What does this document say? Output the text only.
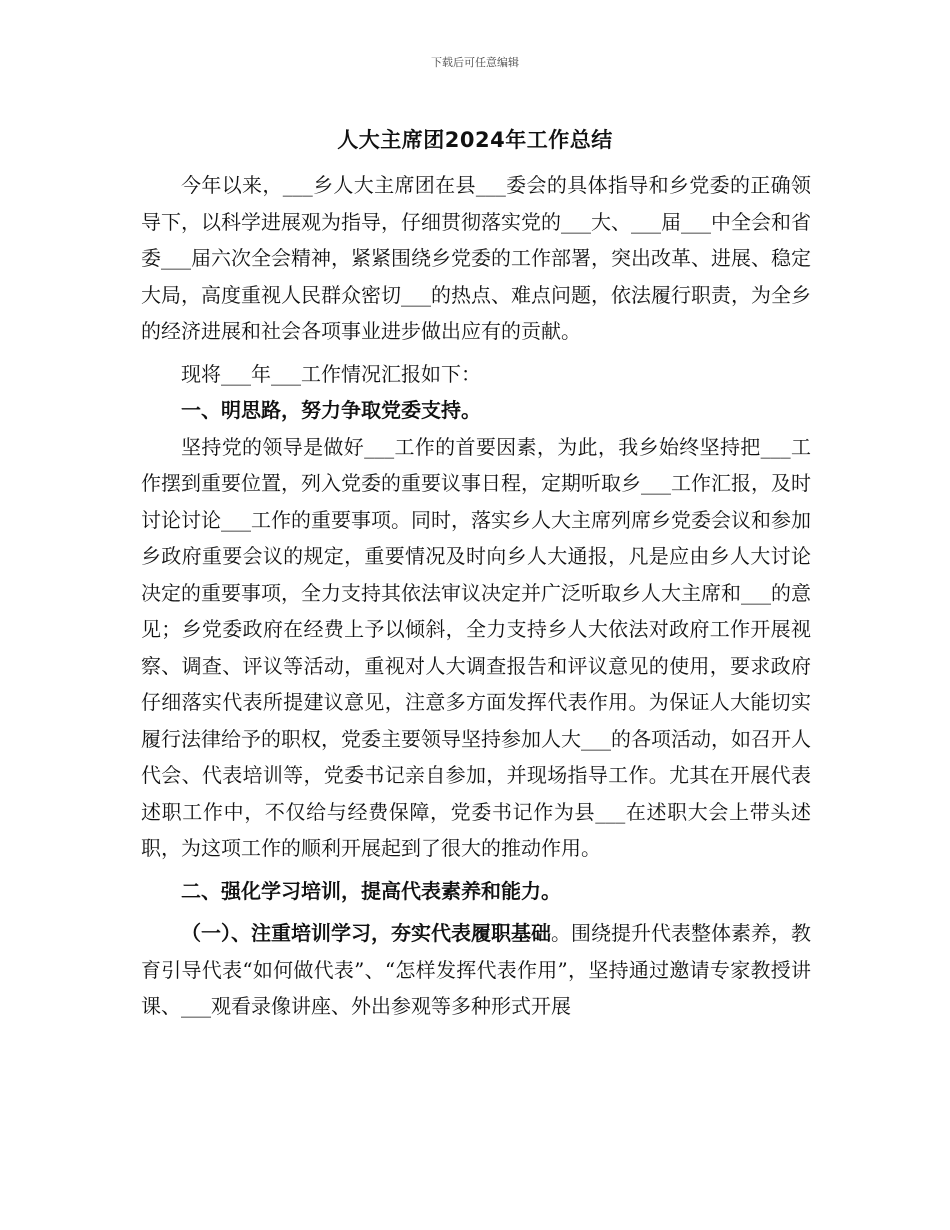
下载后可任意编辑
人大主席团2024年工作总结

今年以来，___乡人大主席团在县___委会的具体指导和乡党委的正确领导下，以科学进展观为指导，仔细贯彻落实党的___大、___届___中全会和省委___届六次全会精神，紧紧围绕乡党委的工作部署，突出改革、进展、稳定大局，高度重视人民群众密切___的热点、难点问题，依法履行职责，为全乡的经济进展和社会各项事业进步做出应有的贡献。

现将___年___工作情况汇报如下：

一、明思路，努力争取党委支持。

坚持党的领导是做好___工作的首要因素，为此，我乡始终坚持把___工作摆到重要位置，列入党委的重要议事日程，定期听取乡___工作汇报，及时讨论讨论___工作的重要事项。同时，落实乡人大主席列席乡党委会议和参加乡政府重要会议的规定，重要情况及时向乡人大通报，凡是应由乡人大讨论决定的重要事项，全力支持其依法审议决定并广泛听取乡人大主席和___的意见；乡党委政府在经费上予以倾斜，全力支持乡人大依法对政府工作开展视察、调查、评议等活动，重视对人大调查报告和评议意见的使用，要求政府仔细落实代表所提建议意见，注意多方面发挥代表作用。为保证人大能切实履行法律给予的职权，党委主要领导坚持参加人大___的各项活动，如召开人代会、代表培训等，党委书记亲自参加，并现场指导工作。尤其在开展代表述职工作中，不仅给与经费保障，党委书记作为县___在述职大会上带头述职，为这项工作的顺利开展起到了很大的推动作用。

二、强化学习培训，提高代表素养和能力。

（一）、注重培训学习，夯实代表履职基础。围绕提升代表整体素养，教育引导代表“如何做代表”、“怎样发挥代表作用”，坚持通过邀请专家教授讲课、___观看录像讲座、外出参观等多种形式开展
